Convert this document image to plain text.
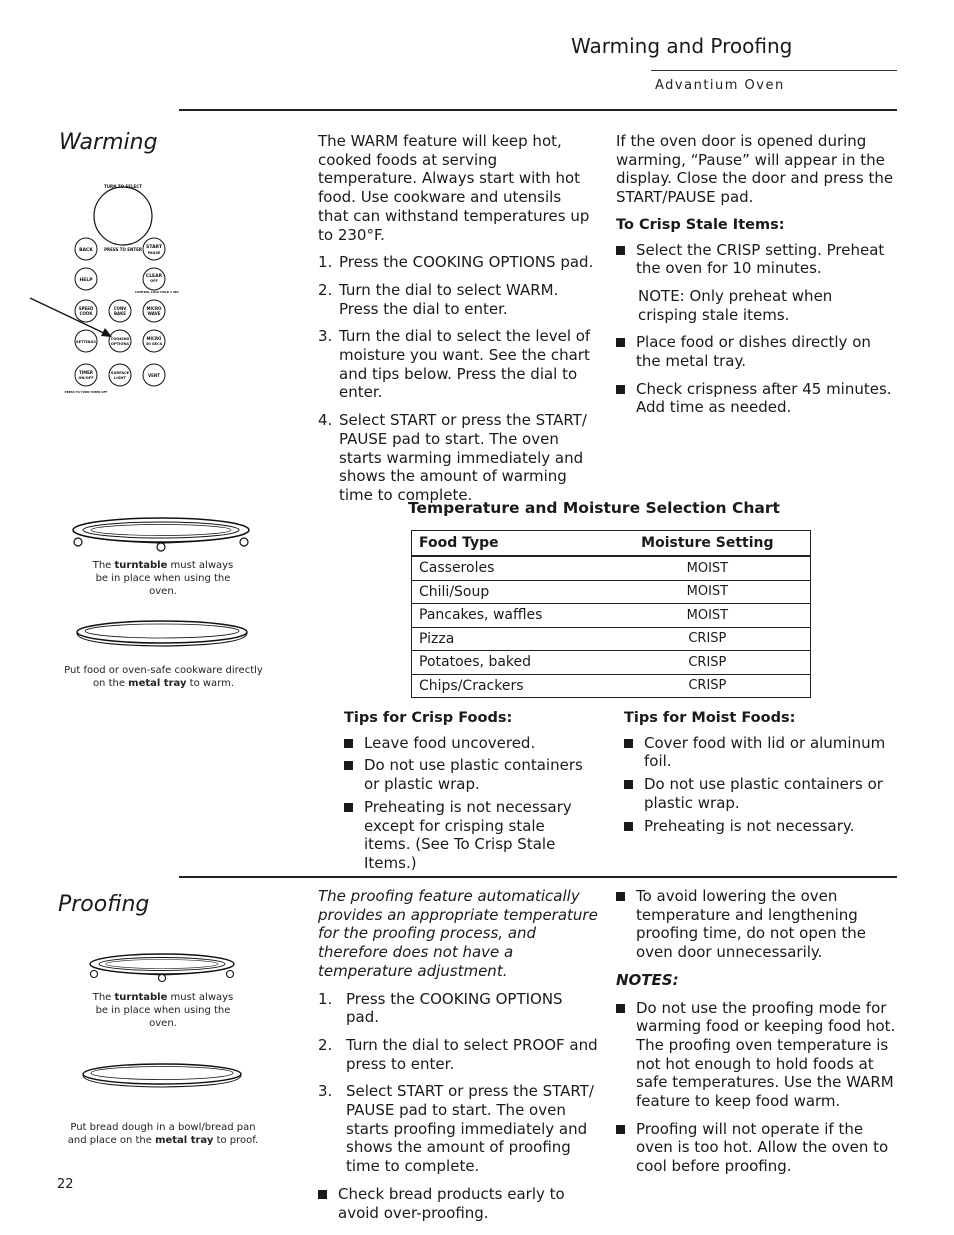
Warming and Proofing
Advantium Oven
Warming
TURN TO SELECT
PRESS TO ENTER
BACK
START
PAUSE
HELP
CLEAR
OFF
CONTROL LOCK HOLD 3 SEC
SPEED
COOK
CONV
BAKE
MICRO
WAVE
SETTINGS
COOKING
OPTIONS
MICRO
30 SECS
TIMER
ON/OFF
SURFACE
LIGHT	VENT
PRESS TO TURN TIMER OFF
The turntable must always be in place when using the oven.
Put food or oven-safe cookware directly on the metal tray to warm.

The WARM feature will keep hot, cooked foods at serving temperature. Always start with hot food. Use cookware and utensils that can withstand temperatures up to 230°F.

1. Press the COOKING OPTIONS pad.
2. Turn the dial to select WARM. Press the dial to enter.
3. Turn the dial to select the level of moisture you want. See the chart and tips below. Press the dial to enter.
4. Select START or press the START/ PAUSE pad to start. The oven starts warming immediately and shows the amount of warming time to complete.

If the oven door is opened during warming, “Pause” will appear in the display. Close the door and press the START/PAUSE pad.

To Crisp Stale Items:
Select the CRISP setting. Preheat the oven for 10 minutes.
NOTE: Only preheat when crisping stale items.
Place food or dishes directly on the metal tray.
Check crispness after 45 minutes. Add time as needed.
Temperature and Moisture Selection Chart
Food Type	Moisture Setting
Casseroles	MOIST
Chili/Soup	MOIST
Pancakes, waffles	MOIST
Pizza	CRISP
Potatoes, baked	CRISP
Chips/Crackers	CRISP
Tips for Crisp Foods:
Leave food uncovered.
Do not use plastic containers or plastic wrap.
Preheating is not necessary except for crisping stale items. (See To Crisp Stale Items.)
Tips for Moist Foods:
Cover food with lid or aluminum foil.
Do not use plastic containers or plastic wrap.
Preheating is not necessary.
Proofing
The turntable must always be in place when using the oven.
Put bread dough in a bowl/bread pan and place on the metal tray to proof.

The proofing feature automatically provides an appropriate temperature for the proofing process, and therefore does not have a temperature adjustment.

1. Press the COOKING OPTIONS pad.
2. Turn the dial to select PROOF and press to enter.
3. Select START or press the START/ PAUSE pad to start. The oven starts proofing immediately and shows the amount of proofing time to complete.
Check bread products early to avoid over-proofing.
To avoid lowering the oven temperature and lengthening proofing time, do not open the oven door unnecessarily.
NOTES:
Do not use the proofing mode for warming food or keeping food hot. The proofing oven temperature is not hot enough to hold foods at safe temperatures. Use the WARM feature to keep food warm.
Proofing will not operate if the oven is too hot. Allow the oven to cool before proofing.
22
